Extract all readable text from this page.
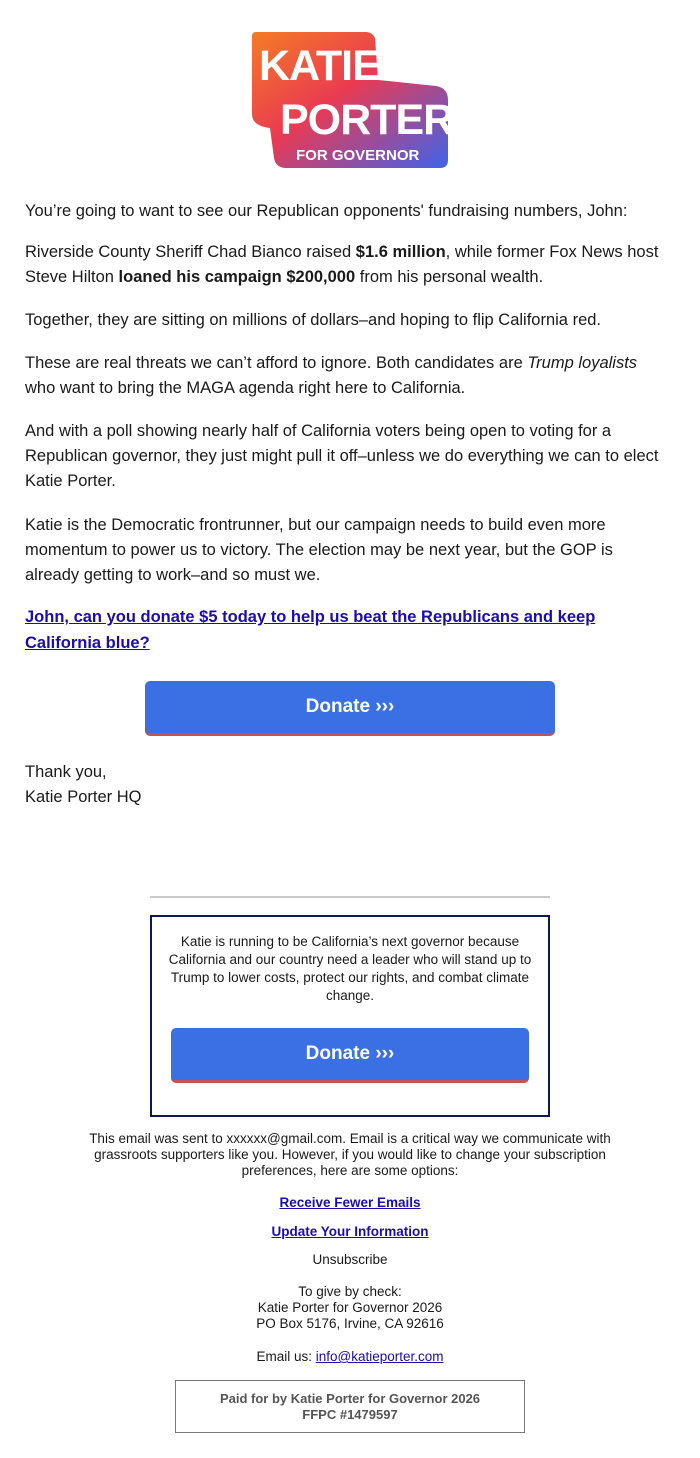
KATIE
PORTER
FOR GOVERNOR

You’re going to want to see our Republican opponents' fundraising numbers, John:

Riverside County Sheriff Chad Bianco raised $1.6 million, while former Fox News host Steve Hilton loaned his campaign $200,000 from his personal wealth.

Together, they are sitting on millions of dollars–and hoping to flip California red.

These are real threats we can’t afford to ignore. Both candidates are Trump loyalists who want to bring the MAGA agenda right here to California.

And with a poll showing nearly half of California voters being open to voting for a Republican governor, they just might pull it off–unless we do everything we can to elect Katie Porter.

Katie is the Democratic frontrunner, but our campaign needs to build even more momentum to power us to victory. The election may be next year, but the GOP is already getting to work–and so must we.

John, can you donate $5 today to help us beat the Republicans and keep California blue?
Donate ›››
Thank you,
Katie Porter HQ
Katie is running to be California’s next governor because California and our country need a leader who will stand up to Trump to lower costs, protect our rights, and combat climate change.
Donate ›››
This email was sent to xxxxxx@gmail.com. Email is a critical way we communicate with grassroots supporters like you. However, if you would like to change your subscription preferences, here are some options:
Receive Fewer Emails
Update Your Information
Unsubscribe
To give by check:
Katie Porter for Governor 2026
PO Box 5176, Irvine, CA 92616
Email us: info@katieporter.com
Paid for by Katie Porter for Governor 2026
FFPC #1479597
